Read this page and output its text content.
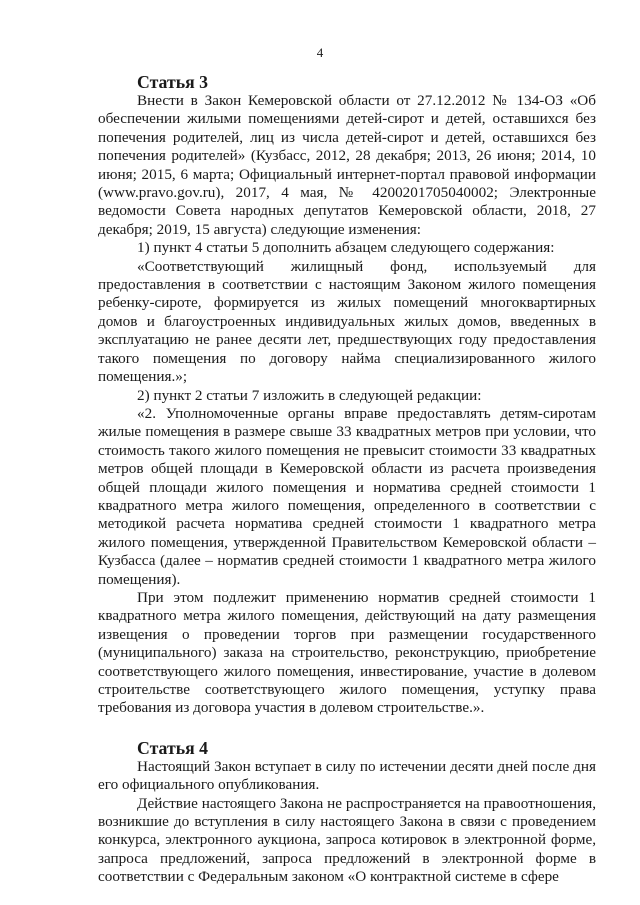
4
Статья 3

Внести в Закон Кемеровской области от 27.12.2012 № 134-ОЗ «Об обеспечении жилыми помещениями детей-сирот и детей, оставшихся без попечения родителей, лиц из числа детей-сирот и детей, оставшихся без попечения родителей» (Кузбасс, 2012, 28 декабря; 2013, 26 июня; 2014, 10 июня; 2015, 6 марта; Официальный интернет-портал правовой информации (www.pravo.gov.ru), 2017, 4 мая, № 4200201705040002; Электронные ведомости Совета народных депутатов Кемеровской области, 2018, 27 декабря; 2019, 15 августа) следующие изменения:

1) пункт 4 статьи 5 дополнить абзацем следующего содержания:

«Соответствующий жилищный фонд, используемый для предоставления в соответствии с настоящим Законом жилого помещения ребенку-сироте, формируется из жилых помещений многоквартирных домов и благоустроенных индивидуальных жилых домов, введенных в эксплуатацию не ранее десяти лет, предшествующих году предоставления такого помещения по договору найма специализированного жилого помещения.»;

2) пункт 2 статьи 7 изложить в следующей редакции:

«2. Уполномоченные органы вправе предоставлять детям-сиротам жилые помещения в размере свыше 33 квадратных метров при условии, что стоимость такого жилого помещения не превысит стоимости 33 квадратных метров общей площади в Кемеровской области из расчета произведения общей площади жилого помещения и норматива средней стоимости 1 квадратного метра жилого помещения, определенного в соответствии с методикой расчета норматива средней стоимости 1 квадратного метра жилого помещения, утвержденной Правительством Кемеровской области – Кузбасса (далее – норматив средней стоимости 1 квадратного метра жилого помещения).

При этом подлежит применению норматив средней стоимости 1 квадратного метра жилого помещения, действующий на дату размещения извещения о проведении торгов при размещении государственного (муниципального) заказа на строительство, реконструкцию, приобретение соответствующего жилого помещения, инвестирование, участие в долевом строительстве соответствующего жилого помещения, уступку права требования из договора участия в долевом строительстве.».

Статья 4

Настоящий Закон вступает в силу по истечении десяти дней после дня его официального опубликования.

Действие настоящего Закона не распространяется на правоотношения, возникшие до вступления в силу настоящего Закона в связи с проведением конкурса, электронного аукциона, запроса котировок в электронной форме, запроса предложений, запроса предложений в электронной форме в соответствии с Федеральным законом «О контрактной системе в сфере
